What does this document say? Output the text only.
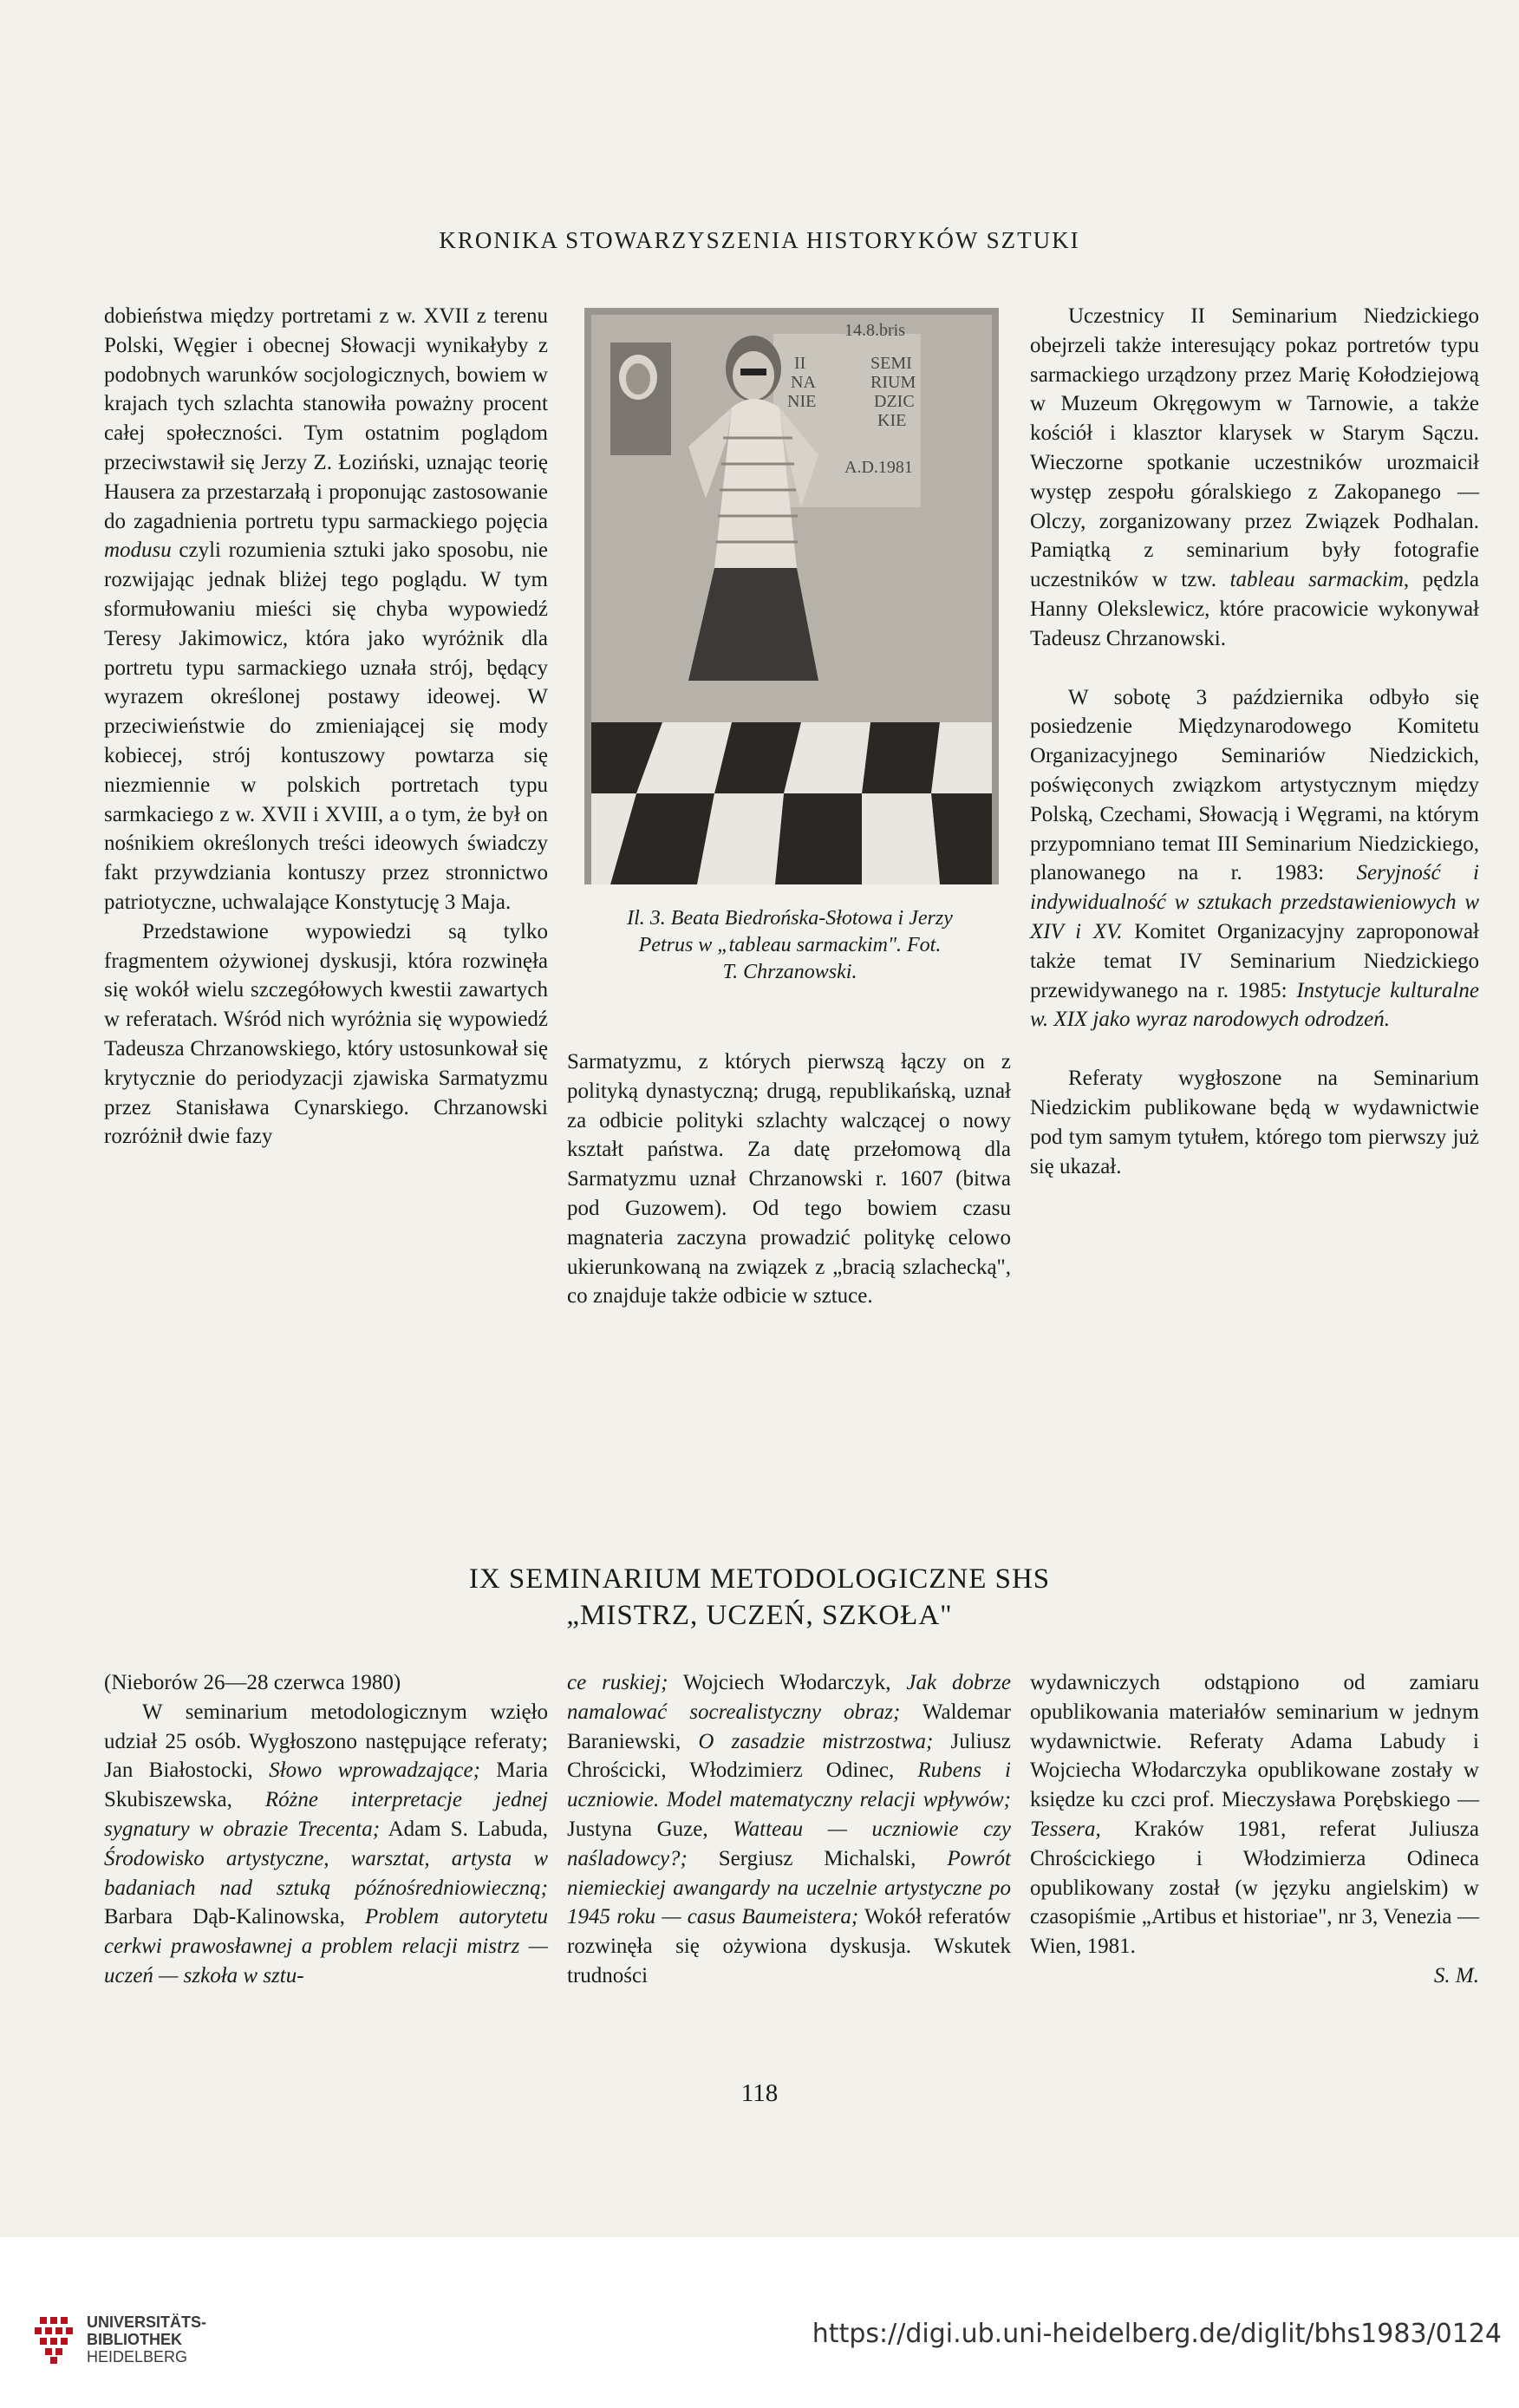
KRONIKA STOWARZYSZENIA HISTORYKÓW SZTUKI

dobieństwa między portretami z w. XVII z terenu Polski, Węgier i obecnej Słowacji wynikałyby z podobnych warunków socjologicznych, bowiem w krajach tych szlachta stanowiła poważny procent całej społeczności. Tym ostatnim poglądom przeciwstawił się Jerzy Z. Łoziński, uznając teorię Hausera za przestarzałą i proponując zastosowanie do zagadnienia portretu typu sarmackiego pojęcia modusu czyli rozumienia sztuki jako sposobu, nie rozwijając jednak bliżej tego poglądu. W tym sformułowaniu mieści się chyba wypowiedź Teresy Jakimowicz, która jako wyróżnik dla portretu typu sarmackiego uznała strój, będący wyrazem określonej postawy ideowej. W przeciwieństwie do zmieniającej się mody kobiecej, strój kontuszowy powtarza się niezmiennie w polskich portretach typu sarmkaciego z w. XVII i XVIII, a o tym, że był on nośnikiem określonych treści ideowych świadczy fakt przywdziania kontuszy przez stronnictwo patriotyczne, uchwalające Konstytucję 3 Maja.

Przedstawione wypowiedzi są tylko fragmentem ożywionej dyskusji, która rozwinęła się wokół wielu szczegółowych kwestii zawartych w referatach. Wśród nich wyróżnia się wypowiedź Tadeusza Chrzanowskiego, który ustosunkował się krytycznie do periodyzacji zjawiska Sarmatyzmu przez Stanisława Cynarskiego. Chrzanowski rozróżnił dwie fazy

14.8.bris
II
NA
NIE
SEMI
RIUM
DZIC
KIE
A.D.1981
Il. 3. Beata Biedrońska-Słotowa i Jerzy
Petrus w „tableau sarmackim". Fot.
T. Chrzanowski.

Sarmatyzmu, z których pierwszą łączy on z polityką dynastyczną; drugą, republikańską, uznał za odbicie polityki szlachty walczącej o nowy kształt państwa. Za datę przełomową dla Sarmatyzmu uznał Chrzanowski r. 1607 (bitwa pod Guzowem). Od tego bowiem czasu magnateria zaczyna prowadzić politykę celowo ukierunkowaną na związek z „bracią szlachecką", co znajduje także odbicie w sztuce.

Uczestnicy II Seminarium Niedzickiego obejrzeli także interesujący pokaz portretów typu sarmackiego urządzony przez Marię Kołodziejową w Muzeum Okręgowym w Tarnowie, a także kościół i klasztor klarysek w Starym Sączu. Wieczorne spotkanie uczestników urozmaicił występ zespołu góralskiego z Zakopanego — Olczy, zorganizowany przez Związek Podhalan. Pamiątką z seminarium były fotografie uczestników w tzw. tableau sarmackim, pędzla Hanny Olekslewicz, które pracowicie wykonywał Tadeusz Chrzanowski.

W sobotę 3 października odbyło się posiedzenie Międzynarodowego Komitetu Organizacyjnego Seminariów Niedzickich, poświęconych związkom artystycznym między Polską, Czechami, Słowacją i Węgrami, na którym przypomniano temat III Seminarium Niedzickiego, planowanego na r. 1983: Seryjność i indywidualność w sztukach przedstawieniowych w XIV i XV. Komitet Organizacyjny zaproponował także temat IV Seminarium Niedzickiego przewidywanego na r. 1985: Instytucje kulturalne w. XIX jako wyraz narodowych odrodzeń.

Referaty wygłoszone na Seminarium Niedzickim publikowane będą w wydawnictwie pod tym samym tytułem, którego tom pierwszy już się ukazał.

IX SEMINARIUM METODOLOGICZNE SHS
„MISTRZ, UCZEŃ, SZKOŁA"

(Nieborów 26—28 czerwca 1980)

W seminarium metodologicznym wzięło udział 25 osób. Wygłoszono następujące referaty; Jan Białostocki, Słowo wprowadzające; Maria Skubiszewska, Różne interpretacje jednej sygnatury w obrazie Trecenta; Adam S. Labuda, Środowisko artystyczne, warsztat, artysta w badaniach nad sztuką późnośredniowieczną; Barbara Dąb-Kalinowska, Problem autorytetu cerkwi prawosławnej a problem relacji mistrz — uczeń — szkoła w sztu-

ce ruskiej; Wojciech Włodarczyk, Jak dobrze namalować socrealistyczny obraz; Waldemar Baraniewski, O zasadzie mistrzostwa; Juliusz Chrościcki, Włodzimierz Odinec, Rubens i uczniowie. Model matematyczny relacji wpływów; Justyna Guze, Watteau — uczniowie czy naśladowcy?; Sergiusz Michalski, Powrót niemieckiej awangardy na uczelnie artystyczne po 1945 roku — casus Baumeistera; Wokół referatów rozwinęła się ożywiona dyskusja. Wskutek trudności

wydawniczych odstąpiono od zamiaru opublikowania materiałów seminarium w jednym wydawnictwie. Referaty Adama Labudy i Wojciecha Włodarczyka opublikowane zostały w księdze ku czci prof. Mieczysława Porębskiego — Tessera, Kraków 1981, referat Juliusza Chrościckiego i Włodzimierza Odineca opublikowany został (w języku angielskim) w czasopiśmie „Artibus et historiae", nr 3, Venezia — Wien, 1981.

S. M.

118
UNIVERSITÄTS-
BIBLIOTHEK
HEIDELBERG
https://digi.ub.uni-heidelberg.de/diglit/bhs1983/0124
